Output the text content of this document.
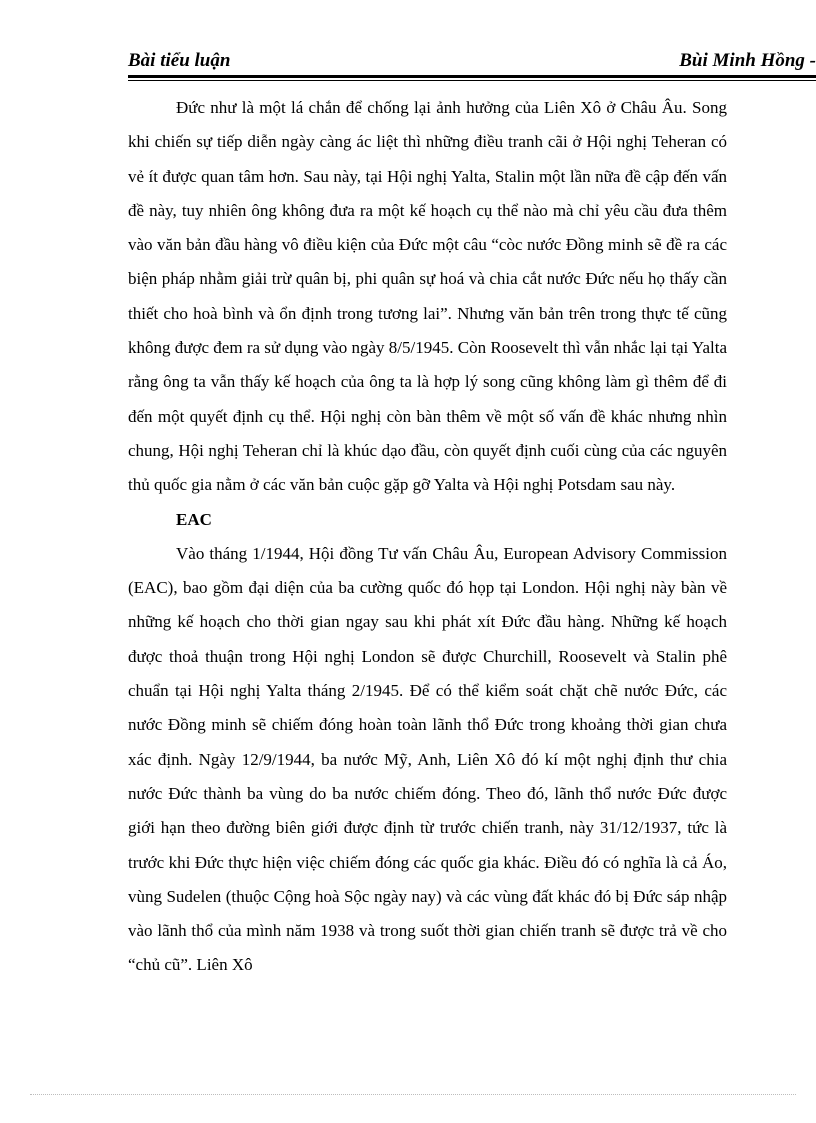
Bài tiểu luận	Bùi Minh Hồng -

Đức như là một lá chắn để chống lại ảnh hưởng của Liên Xô ở Châu Âu. Song khi chiến sự tiếp diễn ngày càng ác liệt thì những điều tranh cãi ở Hội nghị Teheran có vẻ ít được quan tâm hơn. Sau này, tại Hội nghị Yalta, Stalin một lần nữa đề cập đến vấn đề này, tuy nhiên ông không đưa ra một kế hoạch cụ thể nào mà chỉ yêu cầu đưa thêm vào văn bản đầu hàng vô điều kiện của Đức một câu “còc nước Đồng minh sẽ đề ra các biện pháp nhằm giải trừ quân bị, phi quân sự hoá và chia cắt nước Đức nếu họ thấy cần thiết cho hoà bình và ổn định trong tương lai”. Nhưng văn bản trên trong thực tế cũng không được đem ra sử dụng vào ngày 8/5/1945. Còn Roosevelt thì vẫn nhắc lại tại Yalta rằng ông ta vẫn thấy kế hoạch của ông ta là hợp lý song cũng không làm gì thêm để đi đến một quyết định cụ thể. Hội nghị còn bàn thêm về một số vấn đề khác nhưng nhìn chung, Hội nghị Teheran chỉ là khúc dạo đầu, còn quyết định cuối cùng của các nguyên thủ quốc gia nằm ở các văn bản cuộc gặp gỡ Yalta và Hội nghị Potsdam sau này.

EAC

Vào tháng 1/1944, Hội đồng Tư vấn Châu Âu, European Advisory Commission (EAC), bao gồm đại diện của ba cường quốc đó họp tại London. Hội nghị này bàn về những kế hoạch cho thời gian ngay sau khi phát xít Đức đầu hàng. Những kế hoạch được thoả thuận trong Hội nghị London sẽ được Churchill, Roosevelt và Stalin phê chuẩn tại Hội nghị Yalta tháng 2/1945. Để có thể kiểm soát chặt chẽ nước Đức, các nước Đồng minh sẽ chiếm đóng hoàn toàn lãnh thổ Đức trong khoảng thời gian chưa xác định. Ngày 12/9/1944, ba nước Mỹ, Anh, Liên Xô đó kí một nghị định thư chia nước Đức thành ba vùng do ba nước chiếm đóng. Theo đó, lãnh thổ nước Đức được giới hạn theo đường biên giới được định từ trước chiến tranh, này 31/12/1937, tức là trước khi Đức thực hiện việc chiếm đóng các quốc gia khác. Điều đó có nghĩa là cả Áo, vùng Sudelen (thuộc Cộng hoà Sộc ngày nay) và các vùng đất khác đó bị Đức sáp nhập vào lãnh thổ của mình năm 1938 và trong suốt thời gian chiến tranh sẽ được trả về cho “chủ cũ”. Liên Xô
